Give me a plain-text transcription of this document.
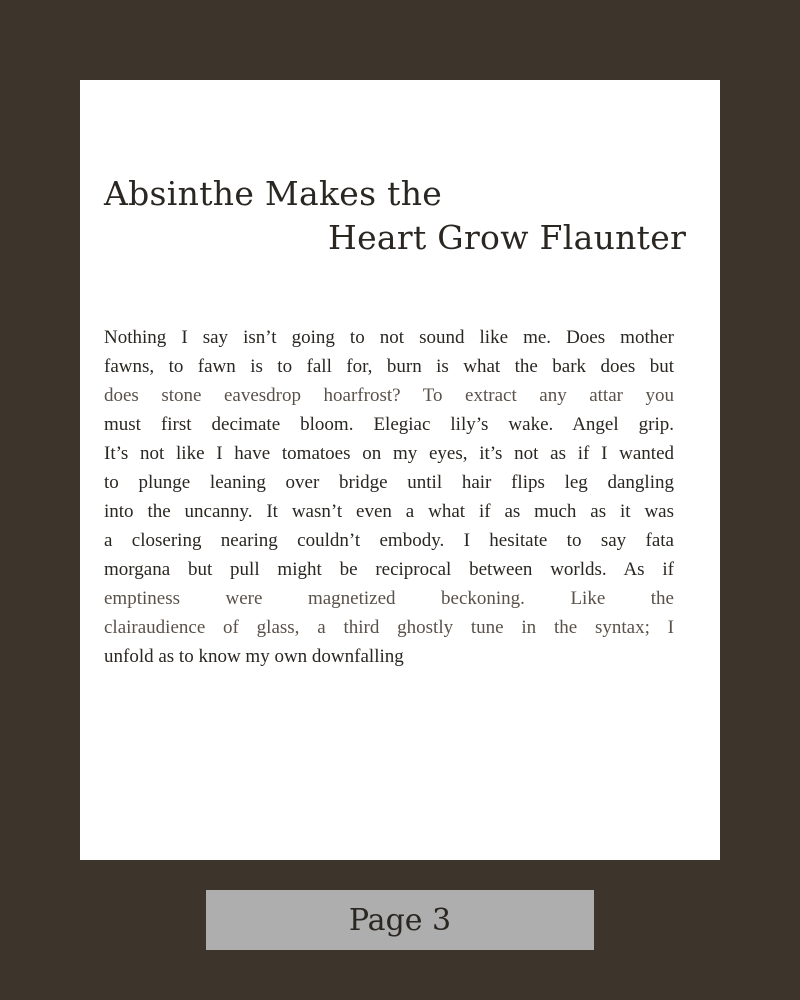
Absinthe Makes the
Heart Grow Flaunter
Nothing I say isn’t going to not sound like me. Does mother
fawns, to fawn is to fall for, burn is what the bark does but
does stone eavesdrop hoarfrost? To extract any attar you
must first decimate bloom. Elegiac lily’s wake. Angel grip.
It’s not like I have tomatoes on my eyes, it’s not as if I wanted
to plunge leaning over bridge until hair flips leg dangling
into the uncanny. It wasn’t even a what if as much as it was
a closering nearing couldn’t embody. I hesitate to say fata
morgana but pull might be reciprocal between worlds. As if
emptiness were magnetized beckoning. Like the
clairaudience of glass, a third ghostly tune in the syntax; I
unfold as to know my own downfalling
Page 3
